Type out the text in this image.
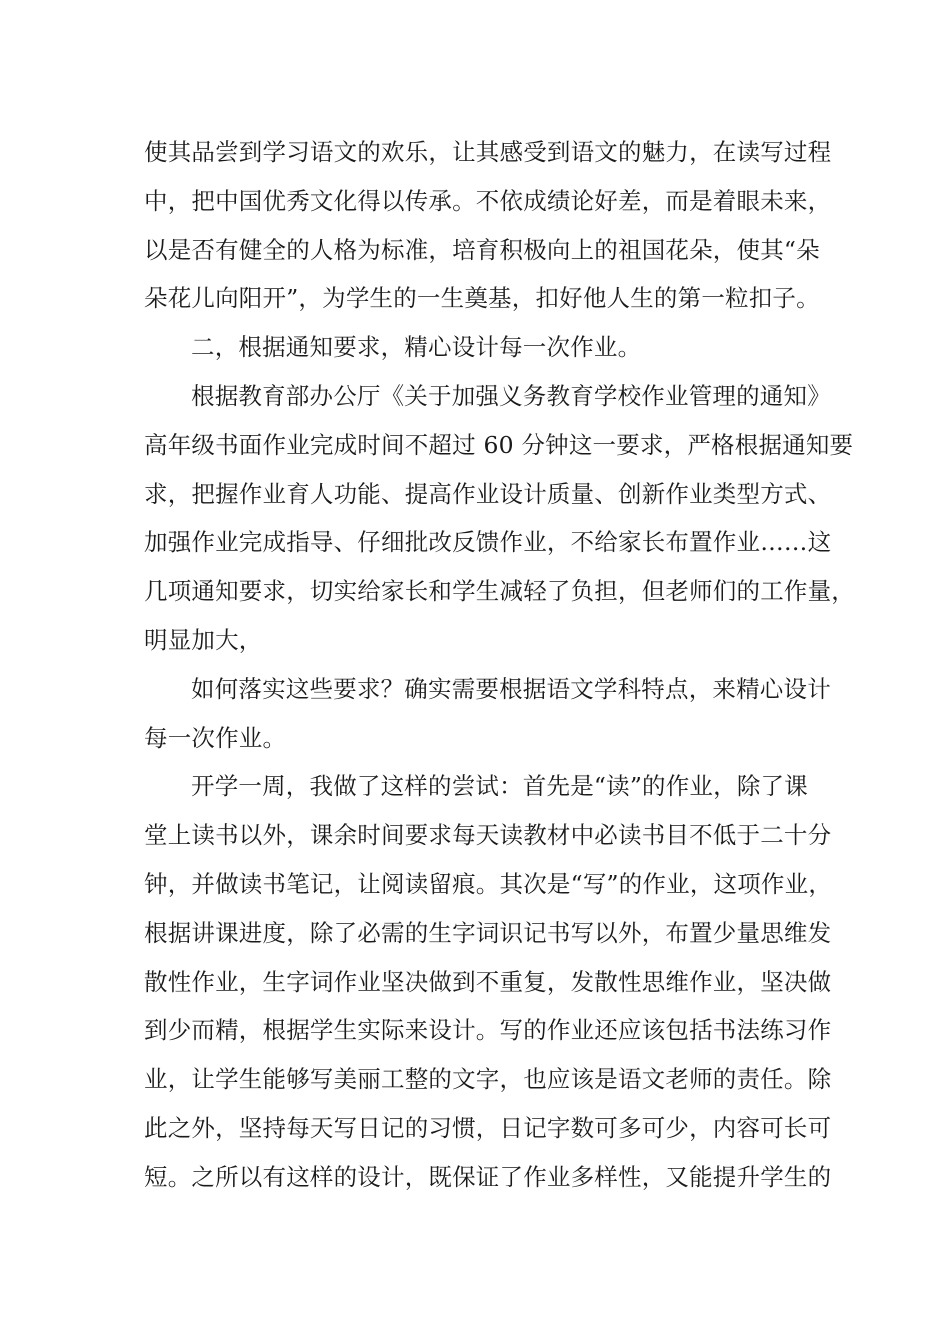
使其品尝到学习语文的欢乐，让其感受到语文的魅力，在读写过程
中，把中国优秀文化得以传承。不依成绩论好差，而是着眼未来，
以是否有健全的人格为标准，培育积极向上的祖国花朵，使其“朵
朵花儿向阳开”，为学生的一生奠基，扣好他人生的第一粒扣子。
二，根据通知要求，精心设计每一次作业。
根据教育部办公厅《关于加强义务教育学校作业管理的通知》
高年级书面作业完成时间不超过 60 分钟这一要求，严格根据通知要
求，把握作业育人功能、提高作业设计质量、创新作业类型方式、
加强作业完成指导、仔细批改反馈作业，不给家长布置作业……这
几项通知要求，切实给家长和学生减轻了负担，但老师们的工作量，
明显加大，
如何落实这些要求？确实需要根据语文学科特点，来精心设计
每一次作业。
开学一周，我做了这样的尝试：首先是“读”的作业，除了课
堂上读书以外，课余时间要求每天读教材中必读书目不低于二十分
钟，并做读书笔记，让阅读留痕。其次是“写”的作业，这项作业，
根据讲课进度，除了必需的生字词识记书写以外，布置少量思维发
散性作业，生字词作业坚决做到不重复，发散性思维作业，坚决做
到少而精，根据学生实际来设计。写的作业还应该包括书法练习作
业，让学生能够写美丽工整的文字，也应该是语文老师的责任。除
此之外，坚持每天写日记的习惯，日记字数可多可少，内容可长可
短。之所以有这样的设计，既保证了作业多样性，又能提升学生的
